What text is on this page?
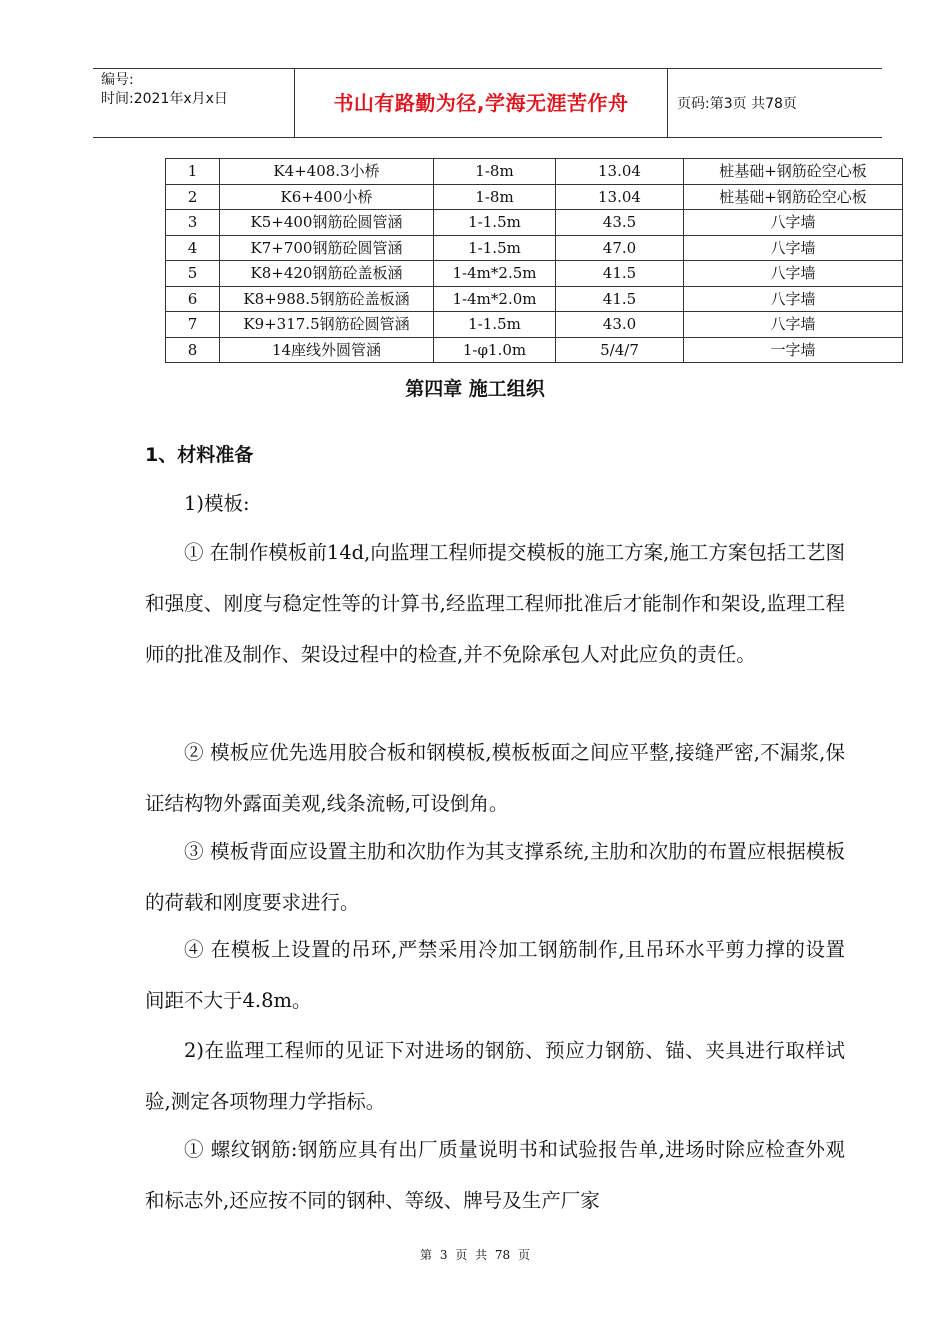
编号:
时间:2021年x月x日	书山有路勤为径,学海无涯苦作舟	页码:第3页 共78页
1	K4+408.3小桥	1-8m	13.04	桩基础+钢筋砼空心板
2	K6+400小桥	1-8m	13.04	桩基础+钢筋砼空心板
3	K5+400钢筋砼圆管涵	1-1.5m	43.5	八字墙
4	K7+700钢筋砼圆管涵	1-1.5m	47.0	八字墙
5	K8+420钢筋砼盖板涵	1-4m*2.5m	41.5	八字墙
6	K8+988.5钢筋砼盖板涵	1-4m*2.0m	41.5	八字墙
7	K9+317.5钢筋砼圆管涵	1-1.5m	43.0	八字墙
8	14座线外圆管涵	1-φ1.0m	5/4/7	一字墙
第四章 施工组织
1、材料准备
1)模板:
① 在制作模板前14d,向监理工程师提交模板的施工方案,施工方案包括工艺图和强度、刚度与稳定性等的计算书,经监理工程师批准后才能制作和架设,监理工程师的批准及制作、架设过程中的检查,并不免除承包人对此应负的责任。
② 模板应优先选用胶合板和钢模板,模板板面之间应平整,接缝严密,不漏浆,保证结构物外露面美观,线条流畅,可设倒角。
③ 模板背面应设置主肋和次肋作为其支撑系统,主肋和次肋的布置应根据模板的荷载和刚度要求进行。
④ 在模板上设置的吊环,严禁采用冷加工钢筋制作,且吊环水平剪力撑的设置间距不大于4.8m。
2)在监理工程师的见证下对进场的钢筋、预应力钢筋、锚、夹具进行取样试验,测定各项物理力学指标。
① 螺纹钢筋:钢筋应具有出厂质量说明书和试验报告单,进场时除应检查外观和标志外,还应按不同的钢种、等级、牌号及生产厂家
第 3 页 共 78 页
